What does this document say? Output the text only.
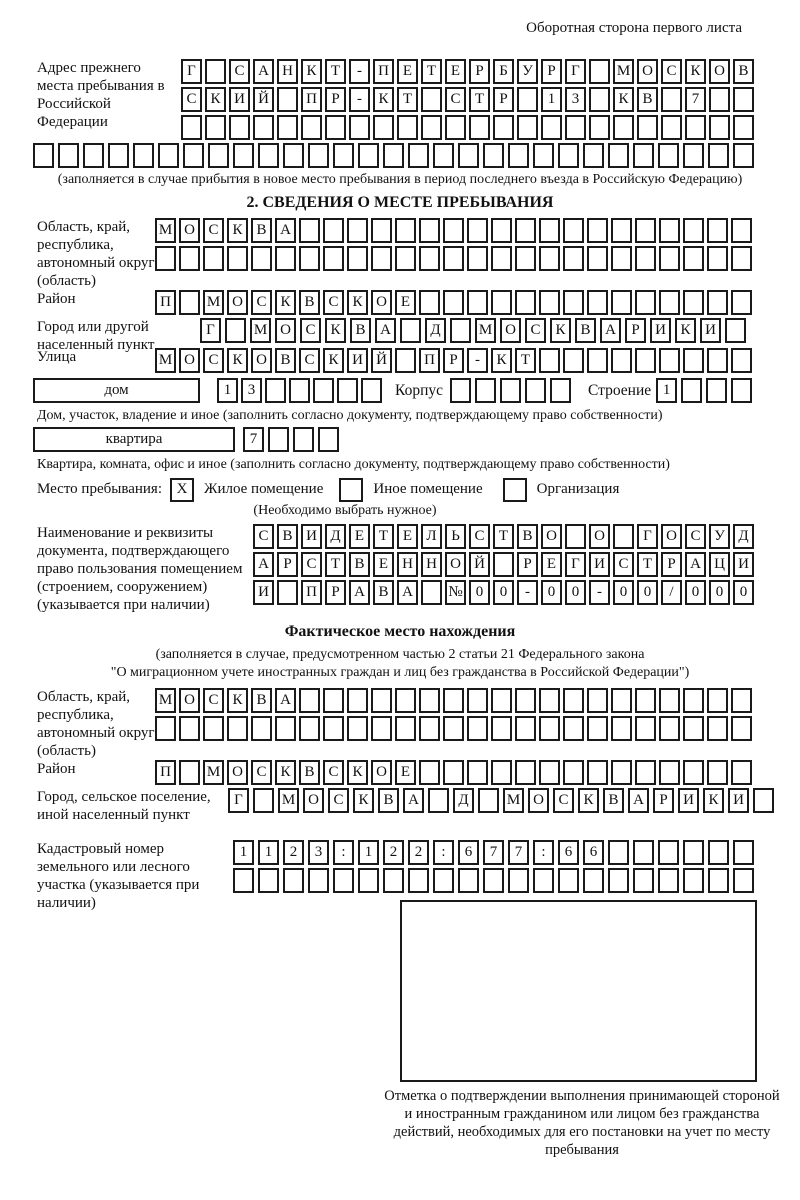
Оборотная сторона первого листа
Адрес прежнего места пребывания в Российской Федерации
Г	С А Н К Т - П Е Т Е Р Б У Р Г М О С К О В
С К И Й П Р - К Т	С Т Р	1 3	К В	7
(заполняется в случае прибытия в новое место пребывания в период последнего въезда в Российскую Федерацию)
2. СВЕДЕНИЯ О МЕСТЕ ПРЕБЫВАНИЯ
Область, край, республика, автономный округ (область)
М О С К В А
Район	П М О С К В С К О Е
Город или другой населенный пункт
Г	М О С К В А	Д	М О С К В А Р И К И
Улица	М О С К О В С К И Й П Р - К Т
дом	1 3	Корпус	Строение 1
Дом, участок, владение и иное (заполнить согласно документу, подтверждающему право собственности)
квартира	7
Квартира, комната, офис и иное (заполнить согласно документу, подтверждающему право собственности)
Место пребывания: X	Жилое помещение	Иное помещение	Организация
(Необходимо выбрать нужное)
Наименование и реквизиты документа, подтверждающего право пользования помещением (строением, сооружением) (указывается при наличии)
С В И Д Е Т Е Л Ь С Т В О О	Г О С У Д
А Р С Т В Е Н Н О Й	Р Е Г И С Т Р А Ц И
И П Р А В А № 0 0 - 0 0 - 0 0 / 0 0 0
Фактическое место нахождения
(заполняется в случае, предусмотренном частью 2 статьи 21 Федерального закона
"О миграционном учете иностранных граждан и лиц без гражданства в Российской Федерации")
Область, край, республика, автономный округ (область)
М О С К В А
Район	П М О С К В С К О Е
Город, сельское поселение, иной населенный пункт
Г	М О С К В А	Д	М О С К В А Р И К И
Кадастровый номер земельного или лесного участка (указывается при наличии)
1 1 2 3 : 1 2 2 : 6 7 7 : 6 6
Отметка о подтверждении выполнения принимающей стороной и иностранным гражданином или лицом без гражданства действий, необходимых для его постановки на учет по месту пребывания
